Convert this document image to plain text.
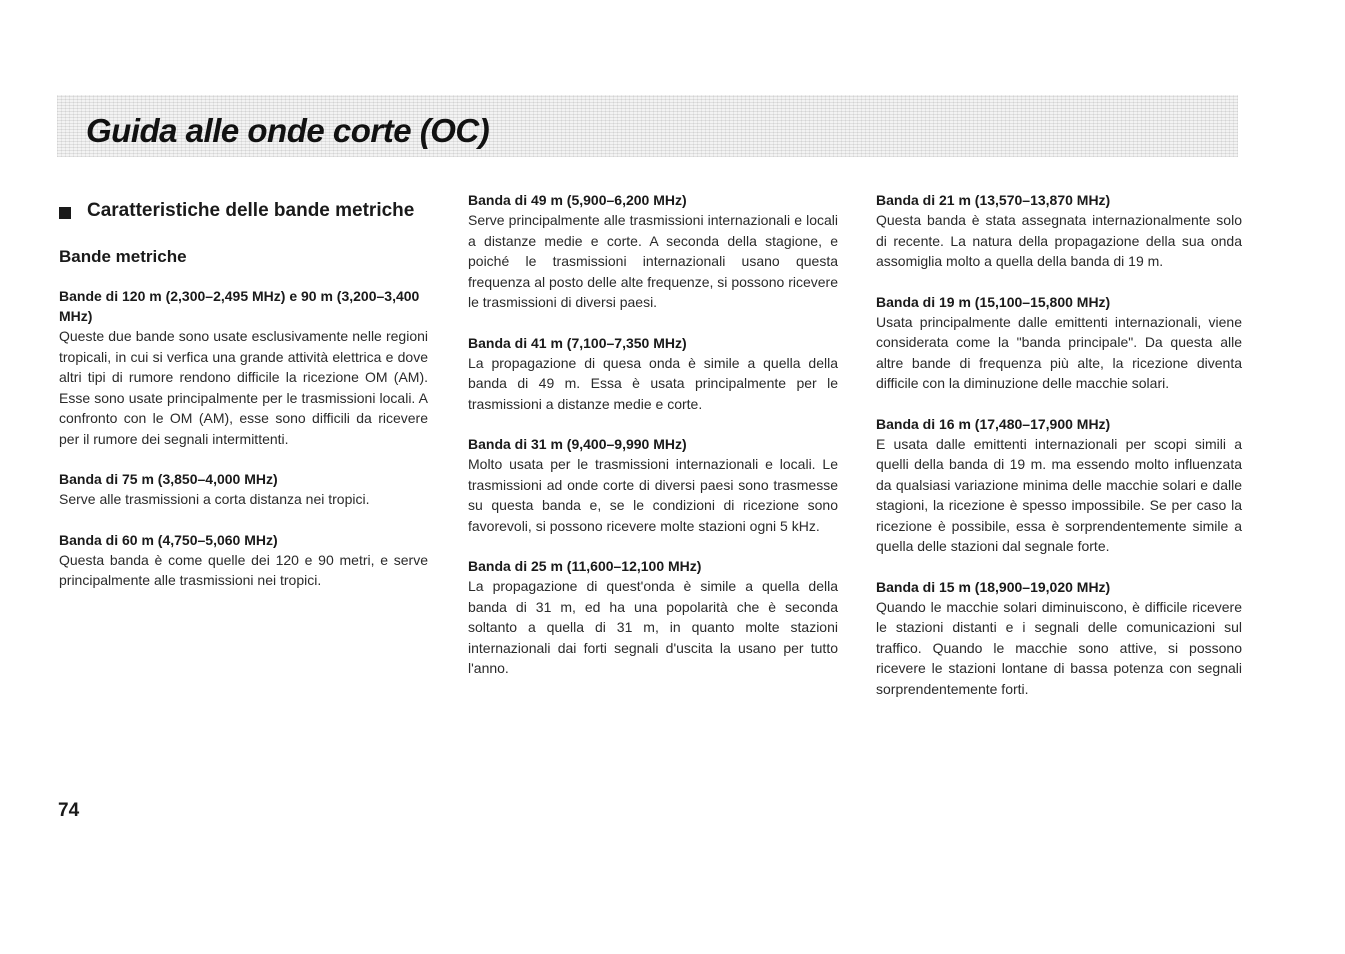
Guida alle onde corte (OC)
Caratteristiche delle bande metriche
Bande metriche
Bande di 120 m (2,300–2,495 MHz) e 90 m (3,200–3,400 MHz)

Queste due bande sono usate esclusivamente nelle regioni tropicali, in cui si verfica una grande attività elettrica e dove altri tipi di rumore rendono difficile la ricezione OM (AM). Esse sono usate principalmente per le trasmissioni locali. A confronto con le OM (AM), esse sono difficili da ricevere per il rumore dei segnali intermittenti.

Banda di 75 m (3,850–4,000 MHz)

Serve alle trasmissioni a corta distanza nei tropici.

Banda di 60 m (4,750–5,060 MHz)

Questa banda è come quelle dei 120 e 90 metri, e serve principalmente alle trasmissioni nei tropici.

Banda di 49 m (5,900–6,200 MHz)

Serve principalmente alle trasmissioni internazionali e locali a distanze medie e corte. A seconda della stagione, e poiché le trasmissioni internazionali usano questa frequenza al posto delle alte frequenze, si possono ricevere le trasmissioni di diversi paesi.

Banda di 41 m (7,100–7,350 MHz)

La propagazione di quesa onda è simile a quella della banda di 49 m. Essa è usata principalmente per le trasmissioni a distanze medie e corte.

Banda di 31 m (9,400–9,990 MHz)

Molto usata per le trasmissioni internazionali e locali. Le trasmissioni ad onde corte di diversi paesi sono trasmesse su questa banda e, se le condizioni di ricezione sono favorevoli, si possono ricevere molte stazioni ogni 5 kHz.

Banda di 25 m (11,600–12,100 MHz)

La propagazione di quest'onda è simile a quella della banda di 31 m, ed ha una popolarità che è seconda soltanto a quella di 31 m, in quanto molte stazioni internazionali dai forti segnali d'uscita la usano per tutto l'anno.

Banda di 21 m (13,570–13,870 MHz)

Questa banda è stata assegnata internazionalmente solo di recente. La natura della propagazione della sua onda assomiglia molto a quella della banda di 19 m.

Banda di 19 m (15,100–15,800 MHz)

Usata principalmente dalle emittenti internazionali, viene considerata come la "banda principale". Da questa alle altre bande di frequenza più alte, la ricezione diventa difficile con la diminuzione delle macchie solari.

Banda di 16 m (17,480–17,900 MHz)

E usata dalle emittenti internazionali per scopi simili a quelli della banda di 19 m. ma essendo molto influenzata da qualsiasi variazione minima delle macchie solari e dalle stagioni, la ricezione è spesso impossibile. Se per caso la ricezione è possibile, essa è sorprendentemente simile a quella delle stazioni dal segnale forte.

Banda di 15 m (18,900–19,020 MHz)

Quando le macchie solari diminuiscono, è difficile ricevere le stazioni distanti e i segnali delle comunicazioni sul traffico. Quando le macchie sono attive, si possono ricevere le stazioni lontane di bassa potenza con segnali sorprendentemente forti.

74
